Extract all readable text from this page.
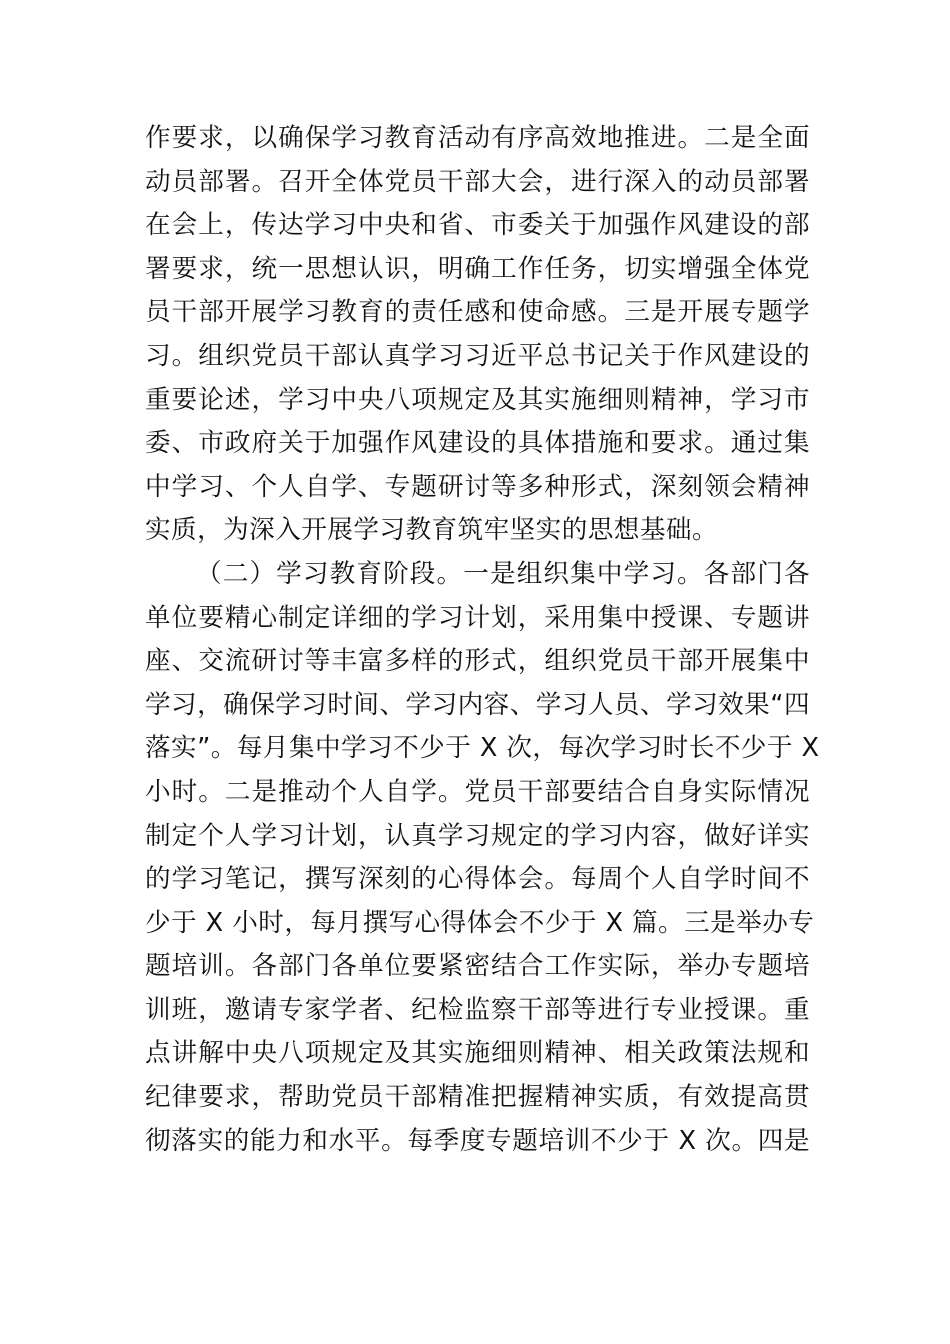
作要求，以确保学习教育活动有序高效地推进。二是全面
动员部署。召开全体党员干部大会，进行深入的动员部署
在会上，传达学习中央和省、市委关于加强作风建设的部
署要求，统一思想认识，明确工作任务，切实增强全体党
员干部开展学习教育的责任感和使命感。三是开展专题学
习。组织党员干部认真学习习近平总书记关于作风建设的
重要论述，学习中央八项规定及其实施细则精神，学习市
委、市政府关于加强作风建设的具体措施和要求。通过集
中学习、个人自学、专题研讨等多种形式，深刻领会精神
实质，为深入开展学习教育筑牢坚实的思想基础。
（二）学习教育阶段。一是组织集中学习。各部门各
单位要精心制定详细的学习计划，采用集中授课、专题讲
座、交流研讨等丰富多样的形式，组织党员干部开展集中
学习，确保学习时间、学习内容、学习人员、学习效果“四
落实”。每月集中学习不少于 X 次，每次学习时长不少于 X
小时。二是推动个人自学。党员干部要结合自身实际情况
制定个人学习计划，认真学习规定的学习内容，做好详实
的学习笔记，撰写深刻的心得体会。每周个人自学时间不
少于 X 小时，每月撰写心得体会不少于 X 篇。三是举办专
题培训。各部门各单位要紧密结合工作实际，举办专题培
训班，邀请专家学者、纪检监察干部等进行专业授课。重
点讲解中央八项规定及其实施细则精神、相关政策法规和
纪律要求，帮助党员干部精准把握精神实质，有效提高贯
彻落实的能力和水平。每季度专题培训不少于 X 次。四是
